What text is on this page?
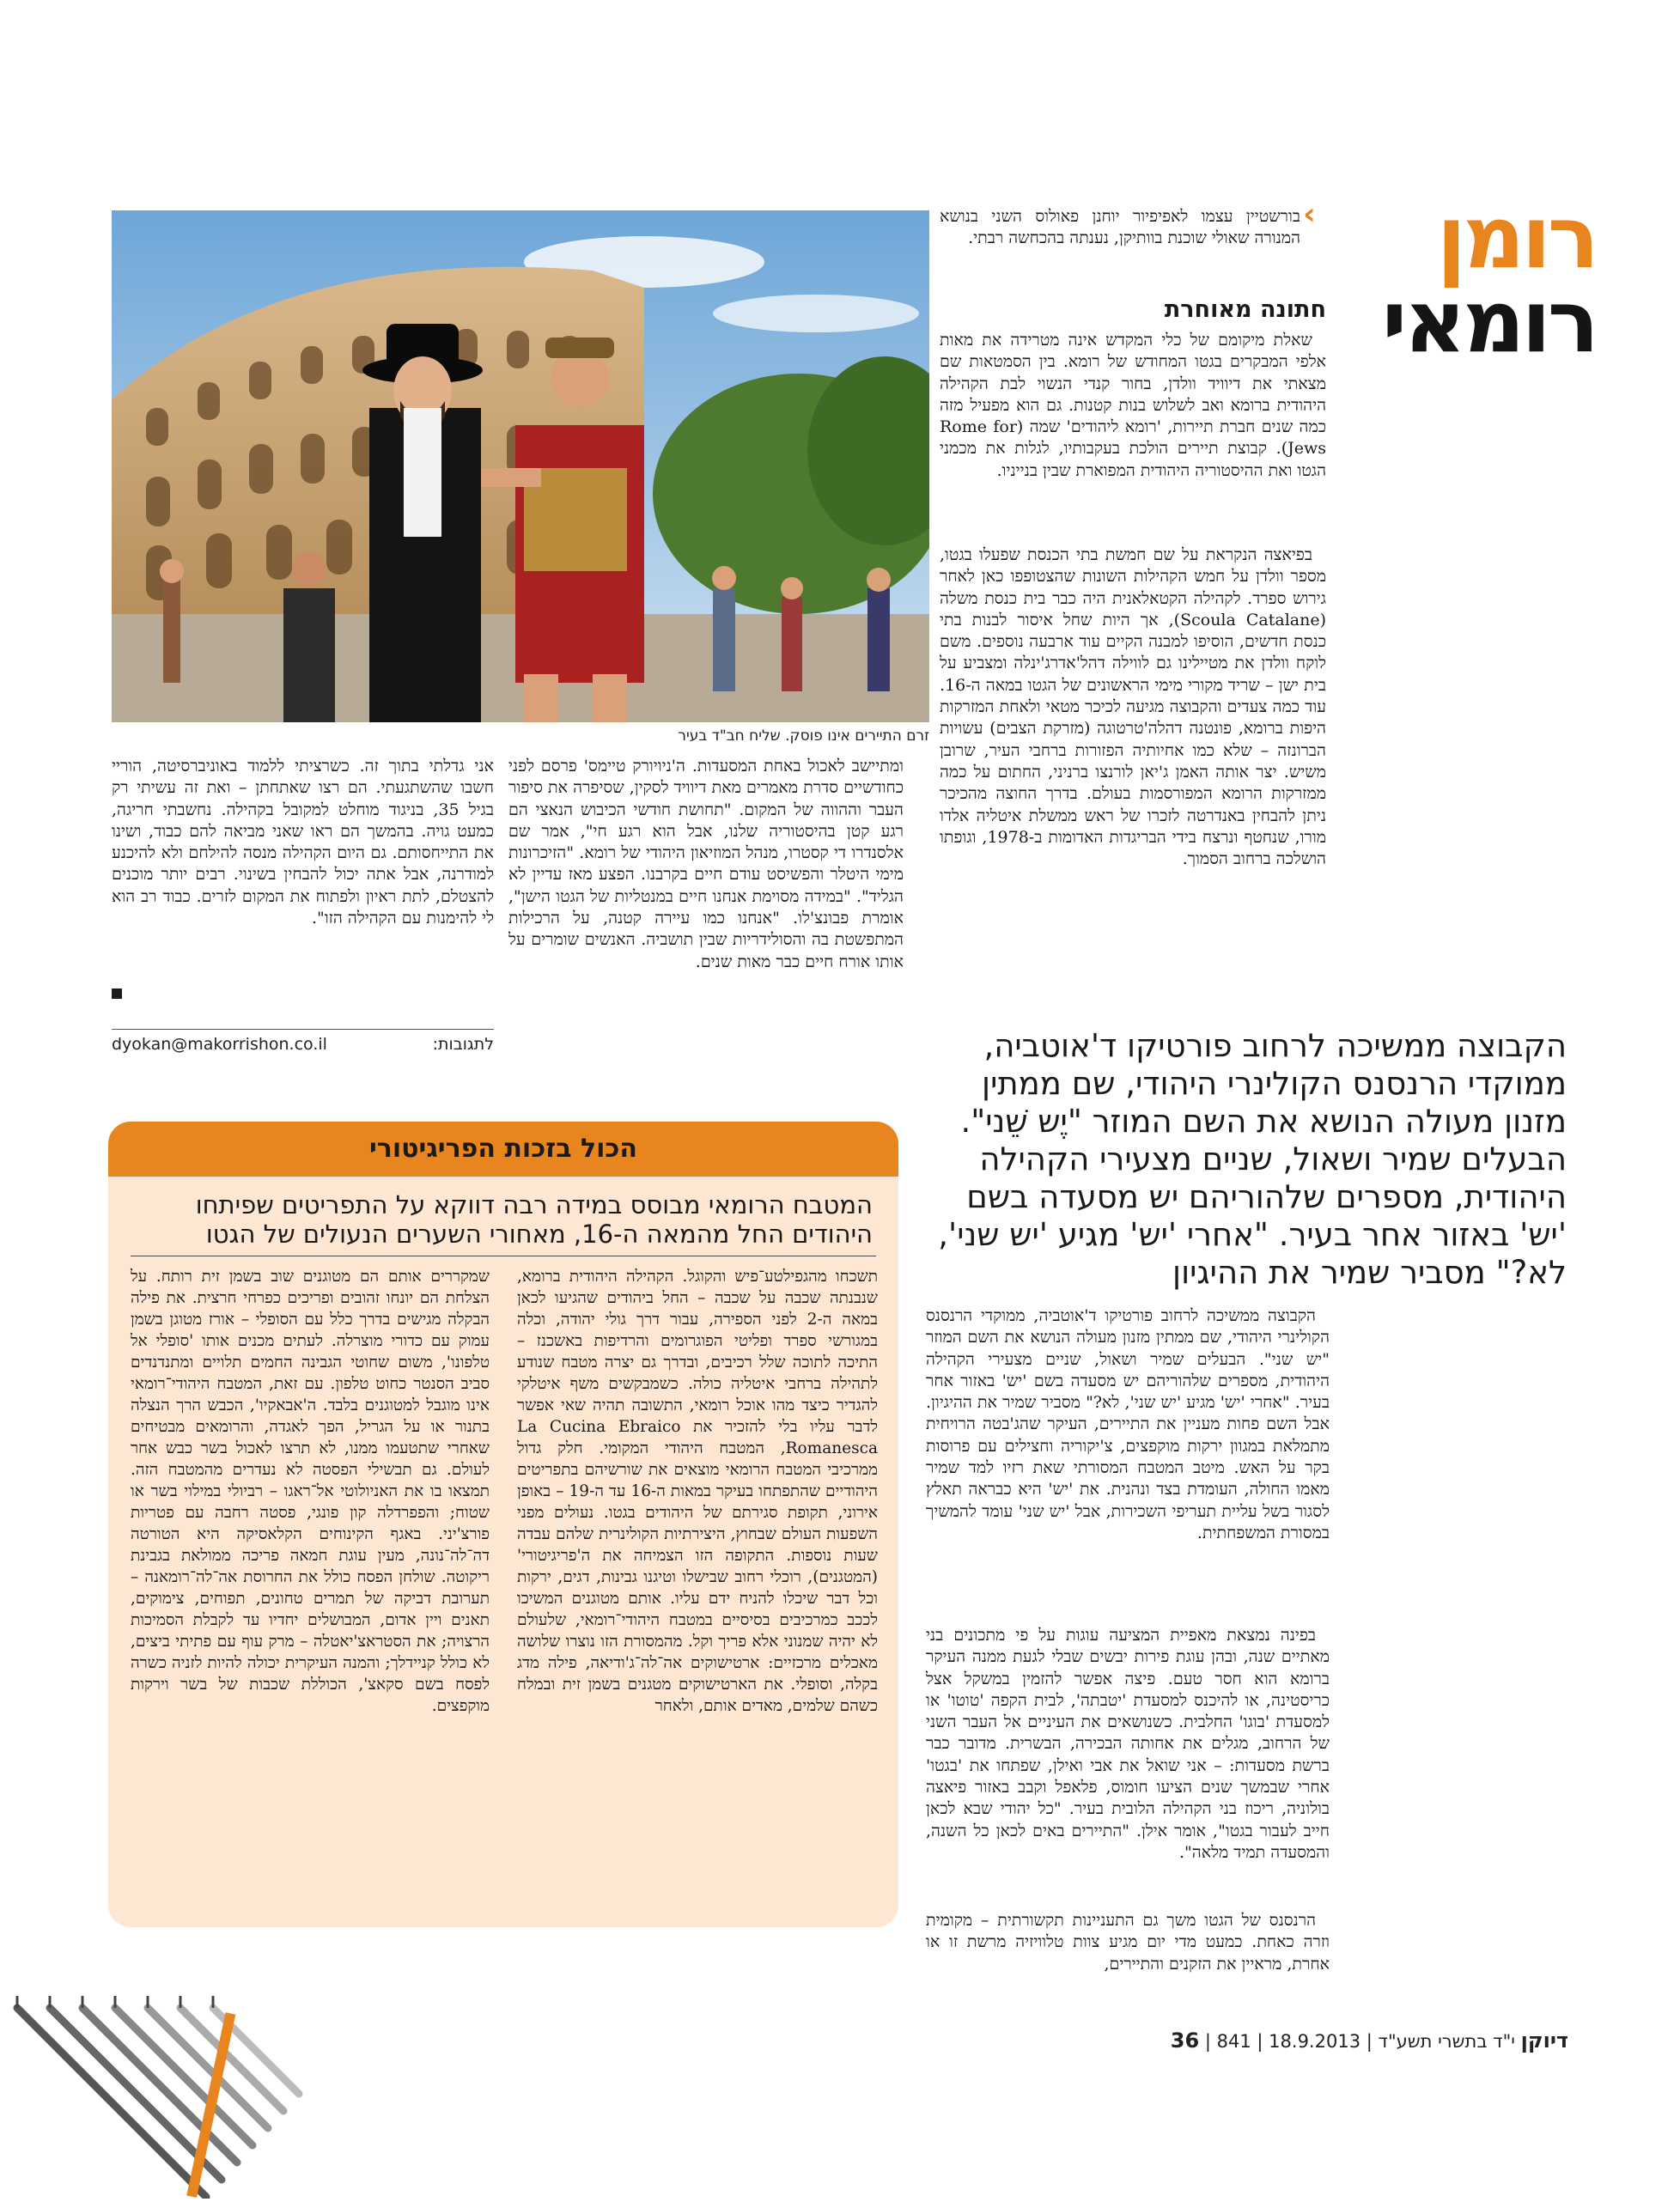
רומן
רומאי
‹
בורשטיין עצמו לאפיפיור יוחנן פאולוס השני בנושא המנורה שאולי שוכנת בוותיקן, נענתה בהכחשה רבתי.
חתונה מאוחרת
שאלת מיקומם של כלי המקדש אינה מטרידה את מאות אלפי המבקרים בגטו המחודש של רומא. בין הסמטאות שם מצאתי את דיוויד וולדן, בחור קנדי הנשוי לבת הקהילה היהודית ברומא ואב לשלוש בנות קטנות. גם הוא מפעיל מזה כמה שנים חברת תיירות, 'רומא ליהודים' שמה (Rome for Jews). קבוצת תיירים הולכת בעקבותיו, לגלות את מכמני הגטו ואת ההיסטוריה היהודית המפוארת שבין בנייניו.
בפיאצה הנקראת על שם חמשת בתי הכנסת שפעלו בגטו, מספר וולדן על חמש הקהילות השונות שהצטופפו כאן לאחר גירוש ספרד. לקהילה הקטאלאנית היה כבר בית כנסת משלה (Scoula Catalane), אך היות שחל איסור לבנות בתי כנסת חדשים, הוסיפו למבנה הקיים עוד ארבעה נוספים. משם לוקח וולדן את מטיילינו גם לווילה דהל'אדרג'ינלה ומצביע על בית ישן – שריד מקורי מימי הראשונים של הגטו במאה ה-16. עוד כמה צעדים והקבוצה מגיעה לכיכר מטאי ולאחת המזרקות היפות ברומא, פונטנה דהלה'טרטוגה (מזרקת הצבים) עשויות הברונזה – שלא כמו אחיותיה הפזורות ברחבי העיר, שרובן משיש. יצר אותה האמן ג'יאן לורנצו ברניני, החתום על כמה ממזרקות הרומא המפורסמות בעולם. בדרך החוצה מהכיכר ניתן להבחין באנדרטה לזכרו של ראש ממשלת איטליה אלדו מורו, שנחטף ונרצח בידי הבריגדות האדומות ב-1978, וגופתו הושלכה ברחוב הסמוך.
זרם התיירים אינו פוסק. שליח חב"ד בעיר
ומתיישב לאכול באחת המסעדות. ה'ניויורק טיימס' פרסם לפני כחודשיים סדרת מאמרים מאת דיוויד לסקין, שסיפרה את סיפור העבר וההווה של המקום. "תחושת חודשי הכיבוש הנאצי הם רגע קטן בהיסטוריה שלנו, אבל הוא רגע חי", אמר שם אלסנדרו די קסטרו, מנהל המוזיאון היהודי של רומא. "הזיכרונות מימי היטלר והפשיסט עודם חיים בקרבנו. הפצע מאז עדיין לא הגליד". "במידה מסוימת אנחנו חיים במנטליות של הגטו הישן", אומרת פבונצ'לו. "אנחנו כמו עיירה קטנה, על הרכילות המתפשטת בה והסולידריות שבין תושביה. האנשים שומרים על אותו אורח חיים כבר מאות שנים.
אני גדלתי בתוך זה. כשרציתי ללמוד באוניברסיטה, הוריי חשבו שהשתגעתי. הם רצו שאתחתן – ואת זה עשיתי רק בגיל 35, בניגוד מוחלט למקובל בקהילה. נחשבתי חריגה, כמעט גויה. בהמשך הם ראו שאני מביאה להם כבוד, ושינו את התייחסותם. גם היום הקהילה מנסה להילחם ולא להיכנע למודרנה, אבל אתה יכול להבחין בשינוי. רבים יותר מוכנים להצטלם, לתת ראיון ולפתוח את המקום לזרים. כבוד רב הוא לי להימנות עם הקהילה הזו".
לתגובות:
dyokan@makorrishon.co.il	הקבוצה ממשיכה לרחוב פורטיקו ד'אוטביה, ממוקדי הרנסנס הקולינרי היהודי, שם ממתין מזנון מעולה הנושא את השם המוזר "יֶש שֵׁני". הבעלים שמיר ושאול, שניים מצעירי הקהילה היהודית, מספרים שלהוריהם יש מסעדה בשם 'יש' באזור אחר בעיר. "אחרי 'יש' מגיע 'יש שני', לא?" מסביר שמיר את ההיגיון
הקבוצה ממשיכה לרחוב פורטיקו ד'אוטביה, ממוקדי הרנסנס הקולינרי היהודי, שם ממתין מזנון מעולה הנושא את השם המוזר "יש שני". הבעלים שמיר ושאול, שניים מצעירי הקהילה היהודית, מספרים שלהוריהם יש מסעדה בשם 'יש' באזור אחר בעיר. "אחרי 'יש' מגיע 'יש שני', לא?" מסביר שמיר את ההיגיון. אבל השם פחות מעניין את התיירים, העיקר שהג'בטה הרויחית מתמלאת במגוון ירקות מוקפצים, צ'יקוריה וחצילים עם פרוסות בקר על האש. מיטב המטבח המסורתי שאת רזיו למד שמיר מאמו החולה, העומדת בצד ונהנית. את 'יש' היא כבראה תאלץ לסגור בשל עליית תעריפי השכירות, אבל 'יש שני' עומד להמשיך במסורת המשפחתית.
בפינה נמצאת מאפיית המציעה עוגות על פי מתכונים בני מאתיים שנה, ובהן עוגת פירות יבשים שבלי לגעת ממנה העיקר ברומא הוא חסר טעם. פיצה אפשר להזמין במשקל אצל כריסטינה, או להיכנס למסעדת 'יטבתה', לבית הקפה 'טוטו' או למסעדת 'בוגו' החלבית. כשנושאים את העיניים אל העבר השני של הרחוב, מגלים את אחותה הבכירה, הבשרית. מדובר כבר ברשת מסעדות: – אני שואל את אבי ואילן, שפתחו את 'בגטו' אחרי שבמשך שנים הציעו חומוס, פלאפל וקבב באזור פיאצה בולוניה, ריכוז בני הקהילה הלובית בעיר. "כל יהודי שבא לכאן חייב לעבור בגטו", אומר אילן. "התיירים באים לכאן כל השנה, והמסעדה תמיד מלאה".
הרנסנס של הגטו משך גם התעניינות תקשורתית – מקומית וזרה כאחת. כמעט מדי יום מגיע צוות טלוויזיה מרשת זו או אחרת, מראיין את הזקנים והתיירים,
הכול בזכות הפריגיטורי
המטבח הרומאי מבוסס במידה רבה דווקא על התפריטים שפיתחו היהודים החל מהמאה ה-16, מאחורי השערים הנעולים של הגטו
תשכחו מהגפילטע־פיש והקוגל. הקהילה היהודית ברומא, שנבנתה שכבה על שכבה – החל ביהודים שהגיעו לכאן במאה ה-2 לפני הספירה, עבור דרך גולי יהודה, וכלה במגורשי ספרד ופליטי הפוגרומים והרדיפות באשכנז – התיכה לתוכה שלל רכיבים, ובדרך גם יצרה מטבח שנודע לתהילה ברחבי איטליה כולה. כשמבקשים משף איטלקי להגדיר כיצד מהו אוכל רומאי, התשובה תהיה שאי אפשר לדבר עליו בלי להזכיר את La Cucina Ebraico Romanesca, המטבח היהודי המקומי. חלק גדול ממרכיבי המטבח הרומאי מוצאים את שורשיהם בתפריטים היהודיים שהתפתחו בעיקר במאות ה-16 עד ה-19 – באופן אירוני, תקופת סגירתם של היהודים בגטו. נעולים מפני השפעות העולם שבחוץ, היצירתיות הקולינרית שלהם עבדה שעות נוספות. התקופה הזו הצמיחה את ה'פריגיטורי' (המטגנים), רוכלי רחוב שבישלו וטיגנו גבינות, דגים, ירקות וכל דבר שיכלו להניח ידם עליו. אותם מטוגנים המשיכו לככב כמרכיבים בסיסיים במטבח היהודי־רומאי, שלעולם לא יהיה שמנוני אלא פריך וקל. מהמסורת הזו נוצרו שלושה מאכלים מרכזיים: ארטישוקים אה־לה־ג'ודיאה, פילה מדג בקלה, וסופלי. את הארטישוקים מטגנים בשמן זית ובמלח כשהם שלמים, מאדים אותם, ולאחר
שמקררים אותם הם מטוגנים שוב בשמן זית רותח. על הצלחת הם יונחו זהובים ופריכים כפרחי חרצית. את פילה הבקלה מגישים בדרך כלל עם הסופלי – אורז מטוגן בשמן עמוק עם כדורי מוצרלה. לעתים מכנים אותו 'סופלי אל טלפונו', משום שחוטי הגבינה החמים תלויים ומתנדנדים סביב הסנטר כחוט טלפון. עם זאת, המטבח היהודי־רומאי אינו מוגבל למטוגנים בלבד. ה'אבאקיו', הכבש הרך הנצלה בתנור או על הגריל, הפך לאגדה, והרומאים מבטיחים שאחרי שתטעמו ממנו, לא תרצו לאכול בשר כבש אחר לעולם. גם תבשילי הפסטה לא נעדרים מהמטבח הזה. תמצאו בו את האניולוטי אל־ראגו – רביולי במילוי בשר או שטוח; והפפרדלה קון פונגי, פסטה רחבה עם פטריות פורצ'יני. באגף הקינוחים הקלאסיקה היא הטורטה דה־לה־נונה, מעין עוגת חמאה פריכה ממולאת בגבינת ריקוטה. שולחן הפסח כולל את החרוסת אה־לה־רומאנה – תערובת דביקה של תמרים טחונים, תפוחים, צימוקים, תאנים ויין אדום, המבושלים יחדיו עד לקבלת הסמיכות הרצויה; את הסטראצ'יאטלה – מרק עוף עם פתיתי ביצים, לא כולל קניידלך; והמנה העיקרית יכולה להיות לזניה כשרה לפסח בשם סקאצ', הכוללת שכבות של בשר וירקות מוקפצים.
דיוקן י"ד בתשרי תשע"ד | 18.9.2013 | 841 | 36
